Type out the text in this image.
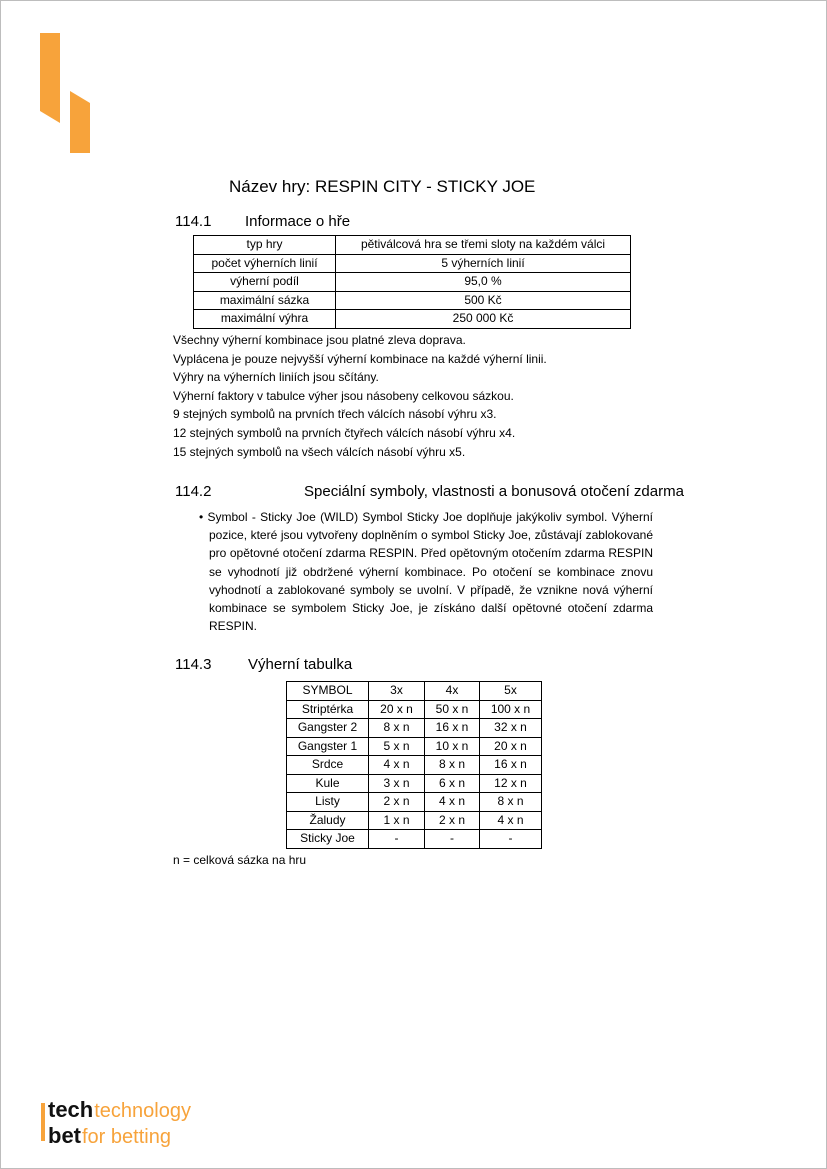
Název hry: RESPIN CITY - STICKY JOE
114.1 Informace o hře
typ hry	pětiválcová hra se třemi sloty na každém válci
počet výherních linií	5 výherních linií
výherní podíl	95,0 %
maximální sázka	500 Kč
maximální výhra	250 000 Kč
Všechny výherní kombinace jsou platné zleva doprava.
Vyplácena je pouze nejvyšší výherní kombinace na každé výherní linii.
Výhry na výherních liniích jsou sčítány.
Výherní faktory v tabulce výher jsou násobeny celkovou sázkou.
9 stejných symbolů na prvních třech válcích násobí výhru x3.
12 stejných symbolů na prvních čtyřech válcích násobí výhru x4.
15 stejných symbolů na všech válcích násobí výhru x5.
114.2	Speciální symboly, vlastnosti a bonusová otočení zdarma

• Symbol - Sticky Joe (WILD) Symbol Sticky Joe doplňuje jakýkoliv symbol. Výherní pozice, které jsou vytvořeny doplněním o symbol Sticky Joe, zůstávají zablokované pro opětovné otočení zdarma RESPIN. Před opětovným otočením zdarma RESPIN se vyhodnotí již obdržené výherní kombinace. Po otočení se kombinace znovu vyhodnotí a zablokované symboly se uvolní. V případě, že vznikne nová výherní kombinace se symbolem Sticky Joe, je získáno další opětovné otočení zdarma RESPIN.

114.3 Výherní tabulka
SYMBOL	3x	4x	5x
Striptérka	20 x n	50 x n	100 x n
Gangster 2	8 x n	16 x n	32 x n
Gangster 1	5 x n	10 x n	20 x n
Srdce	4 x n	8 x n	16 x n
Kule	3 x n	6 x n	12 x n
Listy	2 x n	4 x n	8 x n
Žaludy	1 x n	2 x n	4 x n
Sticky Joe	-	-	-
n = celková sázka na hru
techtechnology
betfor betting
